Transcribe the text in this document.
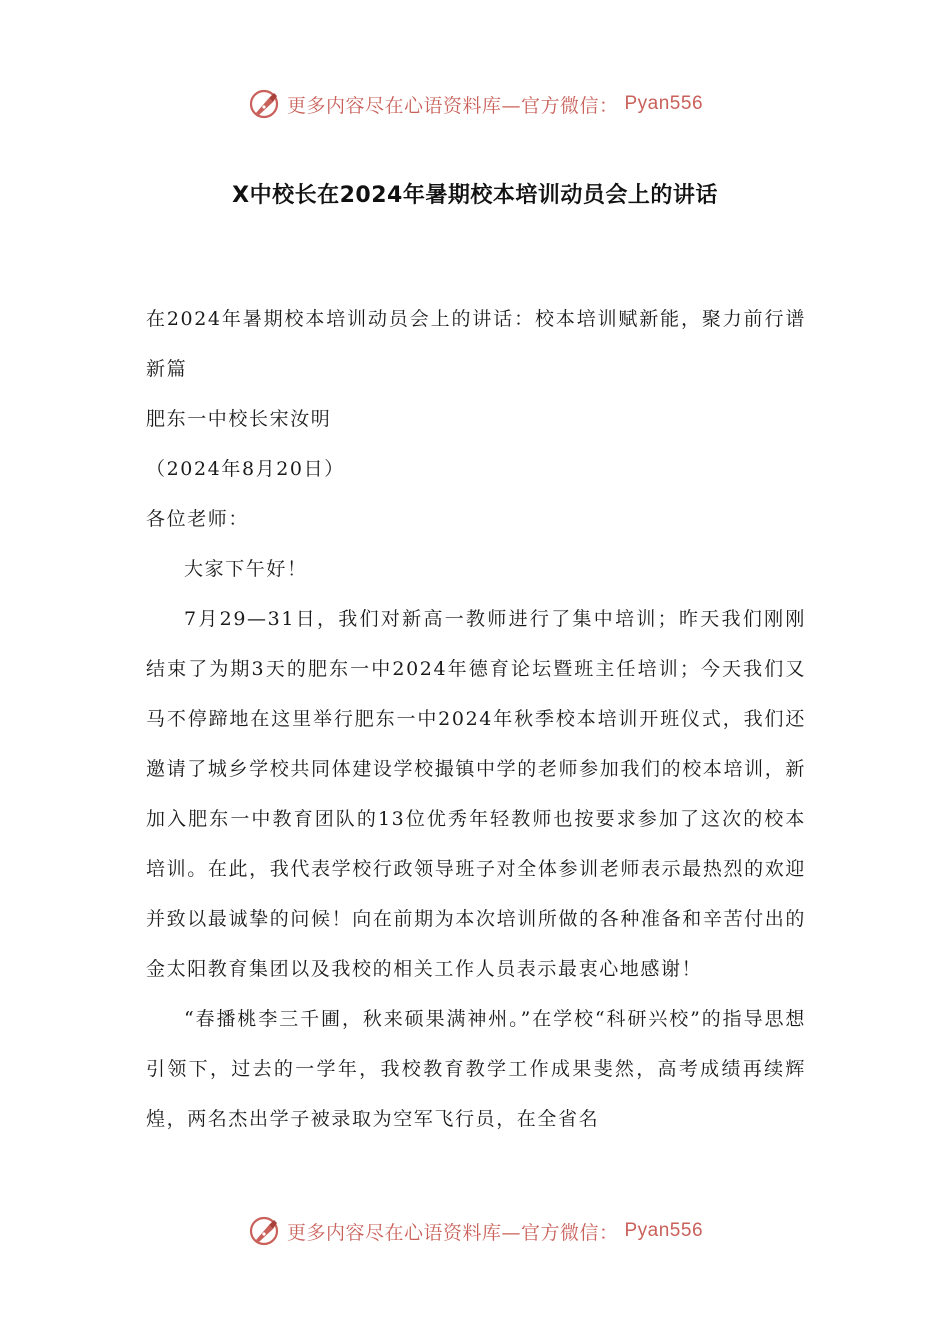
更多内容尽在心语资料库—官方微信： Pyan556
X中校长在2024年暑期校本培训动员会上的讲话

在2024年暑期校本培训动员会上的讲话：校本培训赋新能，聚力前行谱新篇

肥东一中校长宋汝明

（2024年8月20日）

各位老师：

大家下午好！

7月29—31日，我们对新高一教师进行了集中培训；昨天我们刚刚结束了为期3天的肥东一中2024年德育论坛暨班主任培训；今天我们又马不停蹄地在这里举行肥东一中2024年秋季校本培训开班仪式，我们还邀请了城乡学校共同体建设学校撮镇中学的老师参加我们的校本培训，新加入肥东一中教育团队的13位优秀年轻教师也按要求参加了这次的校本培训。在此，我代表学校行政领导班子对全体参训老师表示最热烈的欢迎并致以最诚挚的问候！向在前期为本次培训所做的各种准备和辛苦付出的金太阳教育集团以及我校的相关工作人员表示最衷心地感谢！

“春播桃李三千圃，秋来硕果满神州。”在学校“科研兴校”的指导思想引领下，过去的一学年，我校教育教学工作成果斐然，高考成绩再续辉煌，两名杰出学子被录取为空军飞行员，在全省名

更多内容尽在心语资料库—官方微信： Pyan556
